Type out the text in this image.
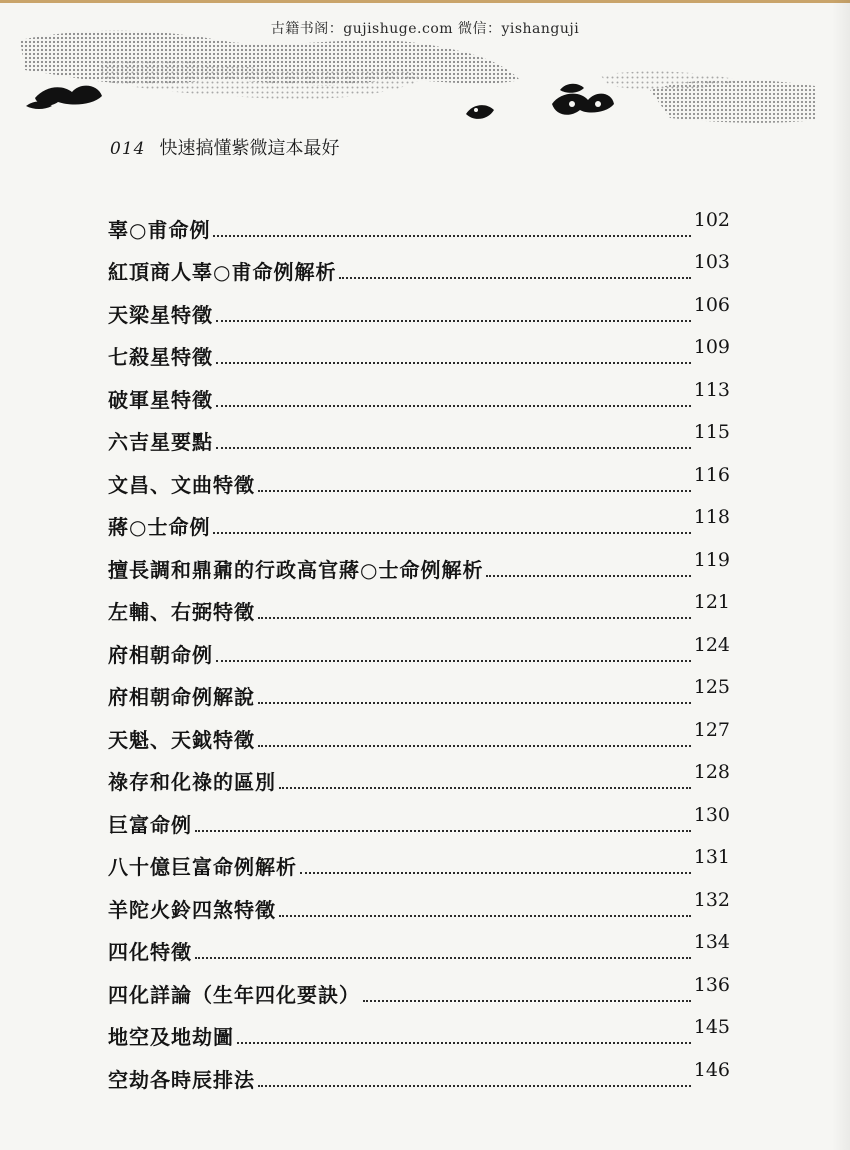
古籍书阁：gujishuge.com 微信：yishanguji
014 快速搞懂紫微這本最好
辜○甫命例	102
紅頂商人辜○甫命例解析	103
天梁星特徵	106
七殺星特徵	109
破軍星特徵	113
六吉星要點	115
文昌、文曲特徵	116
蔣○士命例	118
擅長調和鼎鼐的行政高官蔣○士命例解析	119
左輔、右弼特徵	121
府相朝命例	124
府相朝命例解說	125
天魁、天鉞特徵	127
祿存和化祿的區別	128
巨富命例	130
八十億巨富命例解析	131
羊陀火鈴四煞特徵	132
四化特徵	134
四化詳論（生年四化要訣）	136
地空及地劫圖	145
空劫各時辰排法	146
